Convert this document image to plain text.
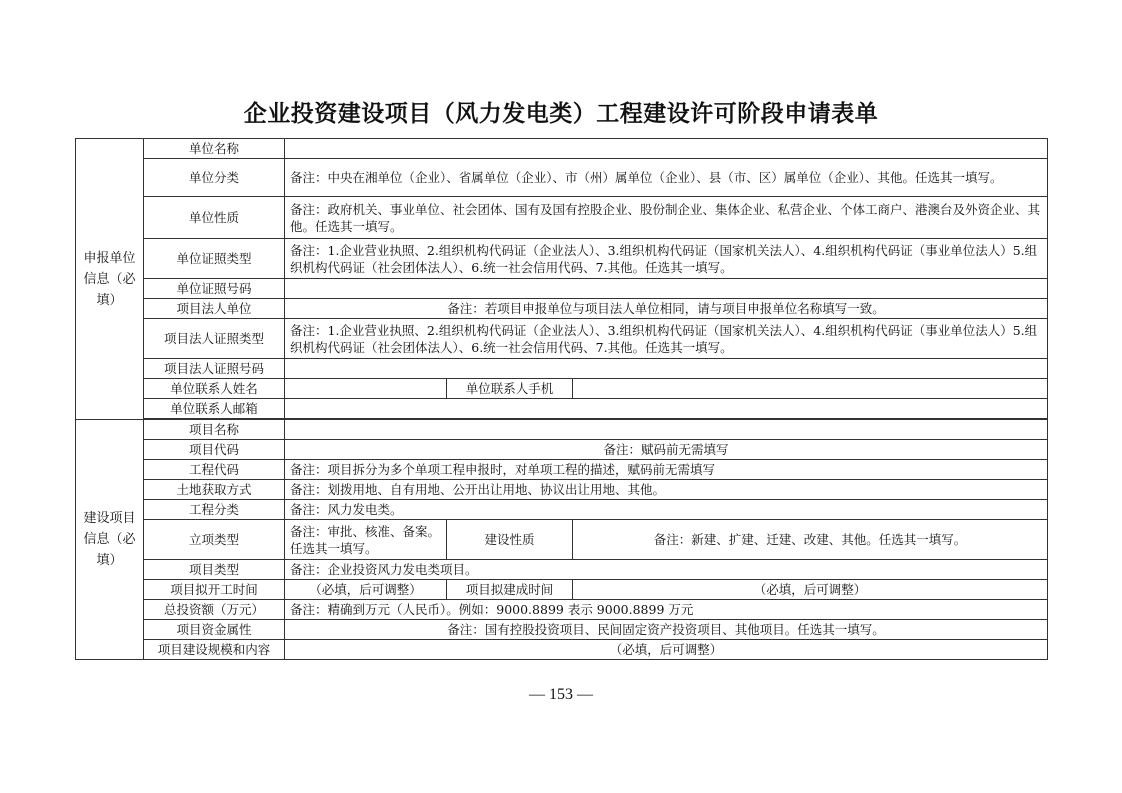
企业投资建设项目（风力发电类）工程建设许可阶段申请表单
申报单位信息（必填）	单位名称			
	单位分类	备注：中央在湘单位（企业）、省属单位（企业）、市（州）属单位（企业）、县（市、区）属单位（企业）、其他。任选其一填写。		
	单位性质	备注：政府机关、事业单位、社会团体、国有及国有控股企业、股份制企业、集体企业、私营企业、个体工商户、港澳台及外资企业、其他。任选其一填写。		
	单位证照类型	备注：1.企业营业执照、2.组织机构代码证（企业法人）、3.组织机构代码证（国家机关法人）、4.组织机构代码证（事业单位法人）5.组织机构代码证（社会团体法人）、6.统一社会信用代码、7.其他。任选其一填写。		
	单位证照号码			
	项目法人单位	备注：若项目申报单位与项目法人单位相同，请与项目申报单位名称填写一致。		
	项目法人证照类型	备注：1.企业营业执照、2.组织机构代码证（企业法人）、3.组织机构代码证（国家机关法人）、4.组织机构代码证（事业单位法人）5.组织机构代码证（社会团体法人）、6.统一社会信用代码、7.其他。任选其一填写。		
	项目法人证照号码			
	单位联系人姓名		单位联系人手机	
	单位联系人邮箱			

建设项目信息（必填）	项目名称			
	项目代码	备注：赋码前无需填写		
	工程代码	备注：项目拆分为多个单项工程申报时，对单项工程的描述，赋码前无需填写		
	土地获取方式	备注：划拨用地、自有用地、公开出让用地、协议出让用地、其他。		
	工程分类	备注：风力发电类。		
	立项类型	备注：审批、核准、备案。任选其一填写。	建设性质	备注：新建、扩建、迁建、改建、其他。任选其一填写。
	项目类型	备注：企业投资风力发电类项目。		
	项目拟开工时间	（必填，后可调整）	项目拟建成时间	（必填，后可调整）
	总投资额（万元）	备注：精确到万元（人民币）。例如：9000.8899 表示 9000.8899 万元		
	项目资金属性	备注：国有控股投资项目、民间固定资产投资项目、其他项目。任选其一填写。		
	项目建设规模和内容	（必填，后可调整）		
— 153 —
